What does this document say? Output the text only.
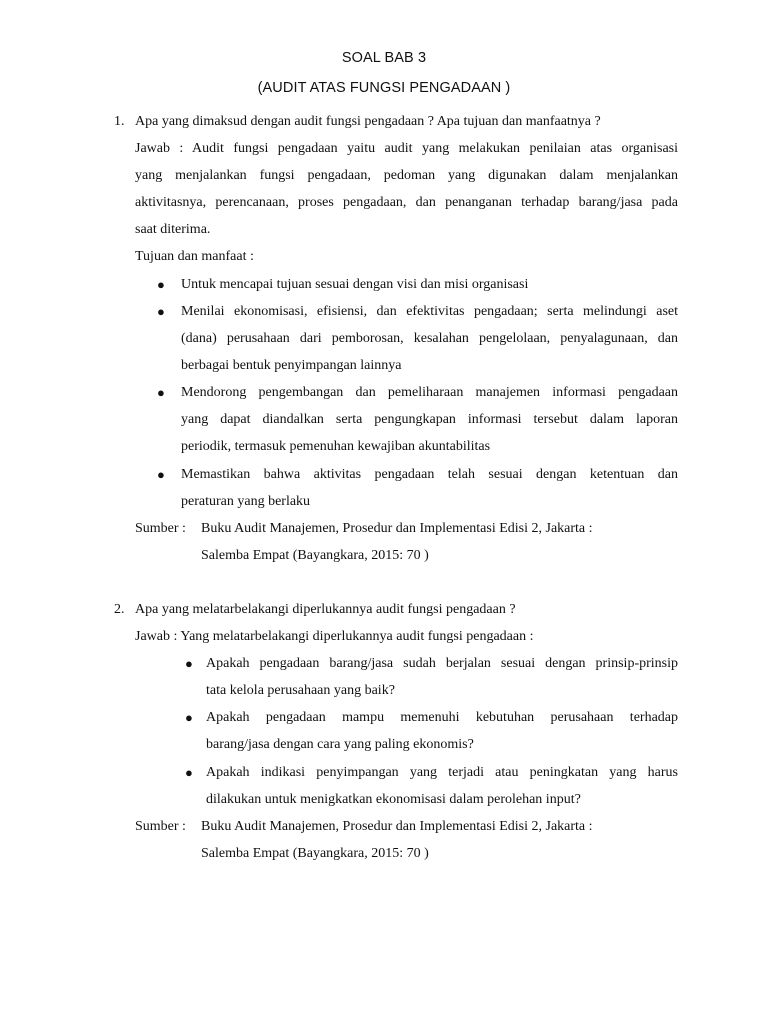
SOAL BAB 3
(AUDIT ATAS FUNGSI PENGADAAN )
1. Apa yang dimaksud dengan audit fungsi pengadaan ? Apa tujuan dan manfaatnya ?
Jawab : Audit fungsi pengadaan yaitu audit yang melakukan penilaian atas organisasi
yang menjalankan fungsi pengadaan, pedoman yang digunakan dalam menjalankan
aktivitasnya, perencanaan, proses pengadaan, dan penanganan terhadap barang/jasa pada
saat diterima.
Tujuan dan manfaat :
● Untuk mencapai tujuan sesuai dengan visi dan misi organisasi
● Menilai ekonomisasi, efisiensi, dan efektivitas pengadaan; serta melindungi aset
(dana) perusahaan dari pemborosan, kesalahan pengelolaan, penyalagunaan, dan
berbagai bentuk penyimpangan lainnya
● Mendorong pengembangan dan pemeliharaan manajemen informasi pengadaan
yang dapat diandalkan serta pengungkapan informasi tersebut dalam laporan
periodik, termasuk pemenuhan kewajiban akuntabilitas
● Memastikan bahwa aktivitas pengadaan telah sesuai dengan ketentuan dan
peraturan yang berlaku
Sumber : Buku Audit Manajemen, Prosedur dan Implementasi Edisi 2, Jakarta :
Salemba Empat (Bayangkara, 2015: 70 )
2. Apa yang melatarbelakangi diperlukannya audit fungsi pengadaan ?
Jawab : Yang melatarbelakangi diperlukannya audit fungsi pengadaan :
● Apakah pengadaan barang/jasa sudah berjalan sesuai dengan prinsip-prinsip
tata kelola perusahaan yang baik?
● Apakah pengadaan mampu memenuhi kebutuhan perusahaan terhadap
barang/jasa dengan cara yang paling ekonomis?
● Apakah indikasi penyimpangan yang terjadi atau peningkatan yang harus
dilakukan untuk menigkatkan ekonomisasi dalam perolehan input?
Sumber : Buku Audit Manajemen, Prosedur dan Implementasi Edisi 2, Jakarta :
Salemba Empat (Bayangkara, 2015: 70 )
